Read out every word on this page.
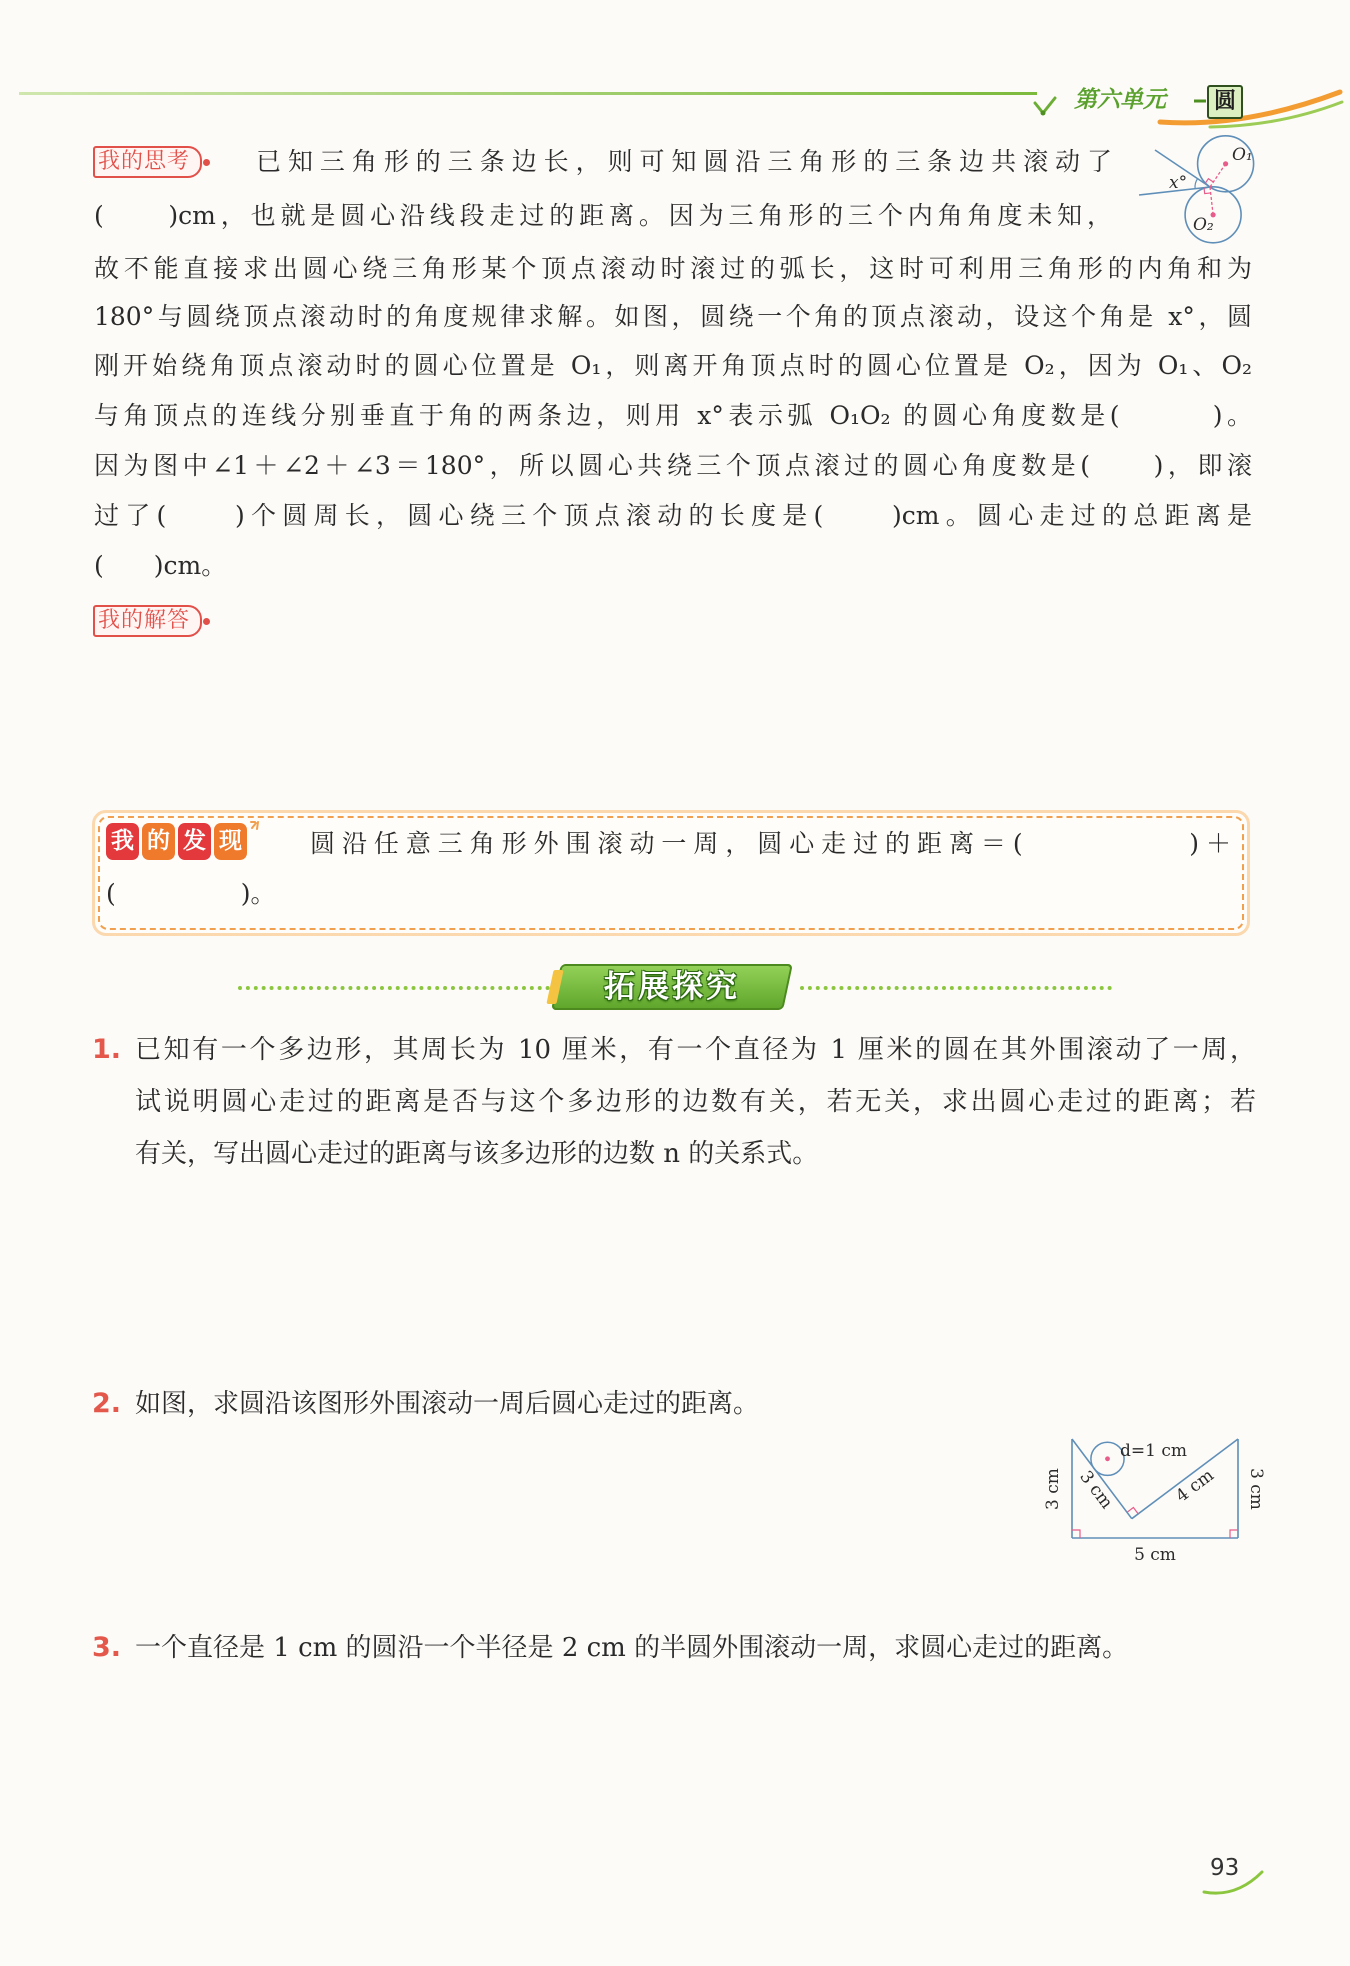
第六单元	圆
我的思考	已知三角形的三条边长，则可知圆沿三角形的三条边共滚动了
(　　)cm，也就是圆心沿线段走过的距离。因为三角形的三个内角角度未知，
故不能直接求出圆心绕三角形某个顶点滚动时滚过的弧长，这时可利用三角形的内角和为
180°与圆绕顶点滚动时的角度规律求解。如图，圆绕一个角的顶点滚动，设这个角是 x°，圆
刚开始绕角顶点滚动时的圆心位置是 O₁，则离开角顶点时的圆心位置是 O₂，因为 O₁、O₂
与角顶点的连线分别垂直于角的两条边，则用 x°表示弧 O₁O₂ 的圆心角度数是(　　　)。
因为图中∠1＋∠2＋∠3＝180°，所以圆心共绕三个顶点滚过的圆心角度数是(　　)，即滚
过了(　　)个圆周长，圆心绕三个顶点滚动的长度是(　　)cm。圆心走过的总距离是
(　　)cm。
x°
O₁
O₂
我的解答
我 的 发 现	圆沿任意三角形外围滚动一周，圆心走过的距离＝(　　　　　)＋
(　　　　　)。
拓展探究
1. 已知有一个多边形，其周长为 10 厘米，有一个直径为 1 厘米的圆在其外围滚动了一周，
试说明圆心走过的距离是否与这个多边形的边数有关，若无关，求出圆心走过的距离；若
有关，写出圆心走过的距离与该多边形的边数 n 的关系式。
2. 如图，求圆沿该图形外围滚动一周后圆心走过的距离。
d=1 cm
3 cm 3 cm	4 cm 3 cm
5 cm
3. 一个直径是 1 cm 的圆沿一个半径是 2 cm 的半圆外围滚动一周，求圆心走过的距离。
93
